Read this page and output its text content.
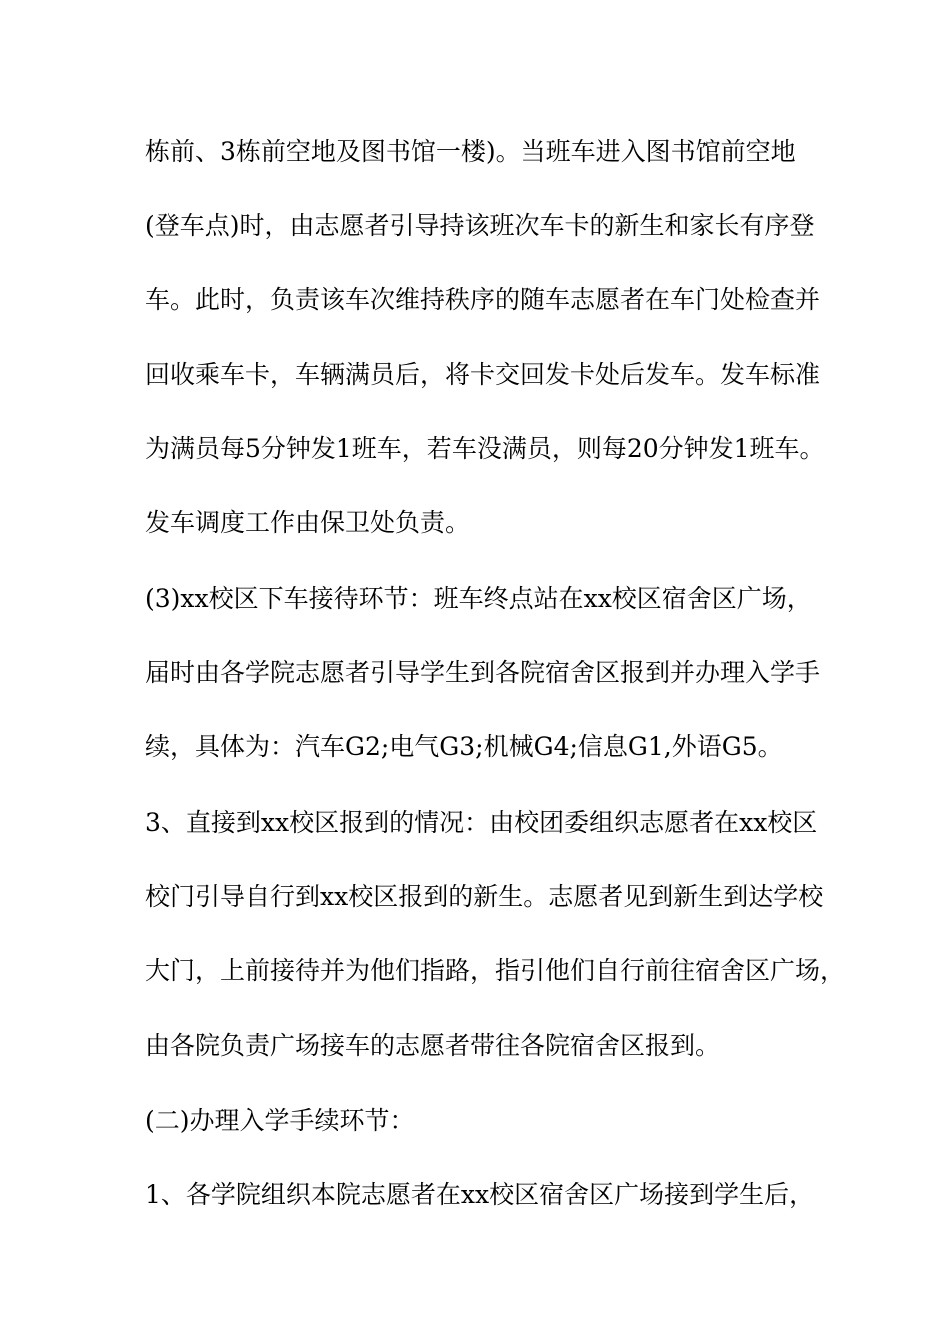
栋前、3栋前空地及图书馆一楼)。当班车进入图书馆前空地
(登车点)时，由志愿者引导持该班次车卡的新生和家长有序登
车。此时，负责该车次维持秩序的随车志愿者在车门处检查并
回收乘车卡，车辆满员后，将卡交回发卡处后发车。发车标准
为满员每5分钟发1班车，若车没满员，则每20分钟发1班车。
发车调度工作由保卫处负责。
(3)xx校区下车接待环节：班车终点站在xx校区宿舍区广场，
届时由各学院志愿者引导学生到各院宿舍区报到并办理入学手
续，具体为：汽车G2;电气G3;机械G4;信息G1,外语G5。
3、直接到xx校区报到的情况：由校团委组织志愿者在xx校区
校门引导自行到xx校区报到的新生。志愿者见到新生到达学校
大门，上前接待并为他们指路，指引他们自行前往宿舍区广场，
由各院负责广场接车的志愿者带往各院宿舍区报到。
(二)办理入学手续环节：
1、各学院组织本院志愿者在xx校区宿舍区广场接到学生后，
